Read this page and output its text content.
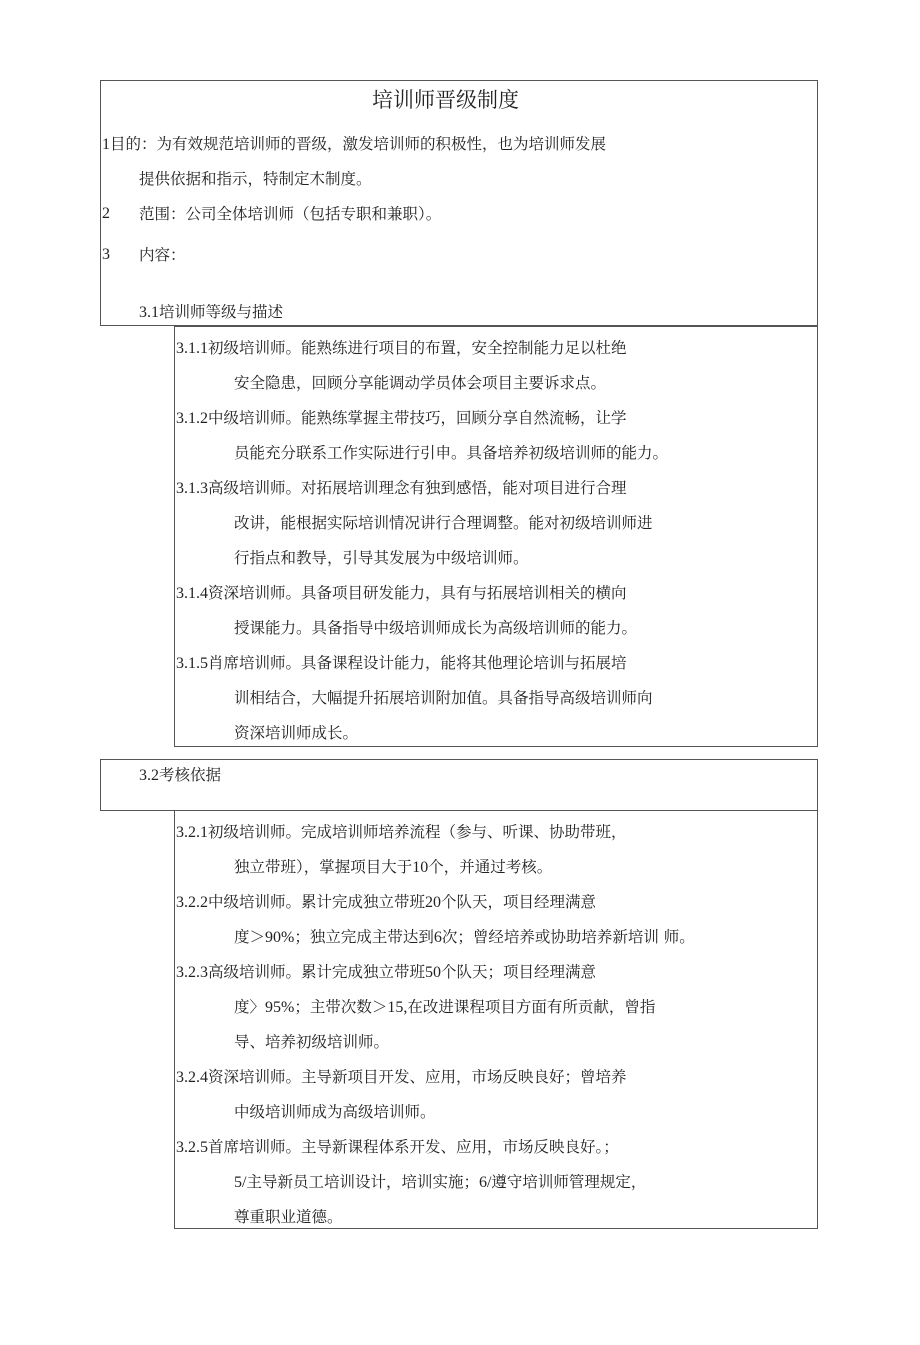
培训师晋级制度
1目的：为有效规范培训师的晋级，激发培训师的积极性，也为培训师发展
提供依据和指示，特制定木制度。
2 范围：公司全体培训师（包括专职和兼职）。
3 内容：
3.1培训师等级与描述
3.1.1初级培训师。能熟练进行项目的布置，安全控制能力足以杜绝
安全隐患，回顾分享能调动学员体会项目主要诉求点。
3.1.2中级培训师。能熟练掌握主带技巧，回顾分享自然流畅，让学
员能充分联系工作实际进行引申。具备培养初级培训师的能力。
3.1.3高级培训师。对拓展培训理念有独到感悟，能对项目进行合理
改讲，能根据实际培训情况讲行合理调整。能对初级培训师进
行指点和教导，引导其发展为中级培训师。
3.1.4资深培训师。具备项目研发能力，具有与拓展培训相关的横向
授课能力。具备指导中级培训师成长为高级培训师的能力。
3.1.5肖席培训师。具备课程设计能力，能将其他理论培训与拓展培
训相结合，大幅提升拓展培训附加值。具备指导高级培训师向
资深培训师成长。
3.2考核依据
3.2.1初级培训师。完成培训师培养流程（参与、听课、协助带班，
独立带班），掌握项目大于10个，并通过考核。
3.2.2中级培训师。累计完成独立带班20个队天，项目经理满意
度＞90%；独立完成主带达到6次；曾经培养或协助培养新培训 师。
3.2.3高级培训师。累计完成独立带班50个队天；项目经理满意
度〉95%；主带次数＞15,在改进课程项目方面有所贡献，曾指
导、培养初级培训师。
3.2.4资深培训师。主导新项目开发、应用，市场反映良好；曾培养
中级培训师成为高级培训师。
3.2.5首席培训师。主导新课程体系开发、应用，市场反映良好。；
5/主导新员工培训设计，培训实施；6/遵守培训师管理规定，
尊重职业道德。
